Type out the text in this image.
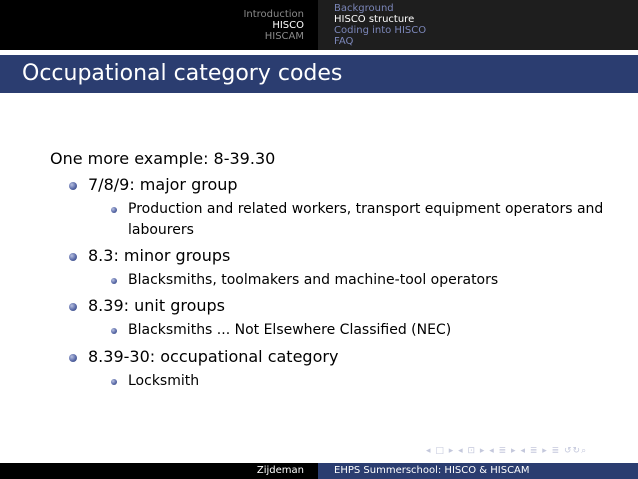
Introduction
HISCO
HISCAM
Background
HISCO structure
Coding into HISCO
FAQ
Occupational category codes
One more example: 8-39.30
7/8/9: major group
Production and related workers, transport equipment operators and labourers
8.3: minor groups
Blacksmiths, toolmakers and machine-tool operators
8.39: unit groups
Blacksmiths ... Not Elsewhere Classified (NEC)
8.39-30: occupational category
Locksmith
◂ □ ▸ ◂ ⊡ ▸ ◂ ≣ ▸ ◂ ≣ ▸ ≣ ↺↻⌕
Zijdeman	EHPS Summerschool: HISCO & HISCAM
